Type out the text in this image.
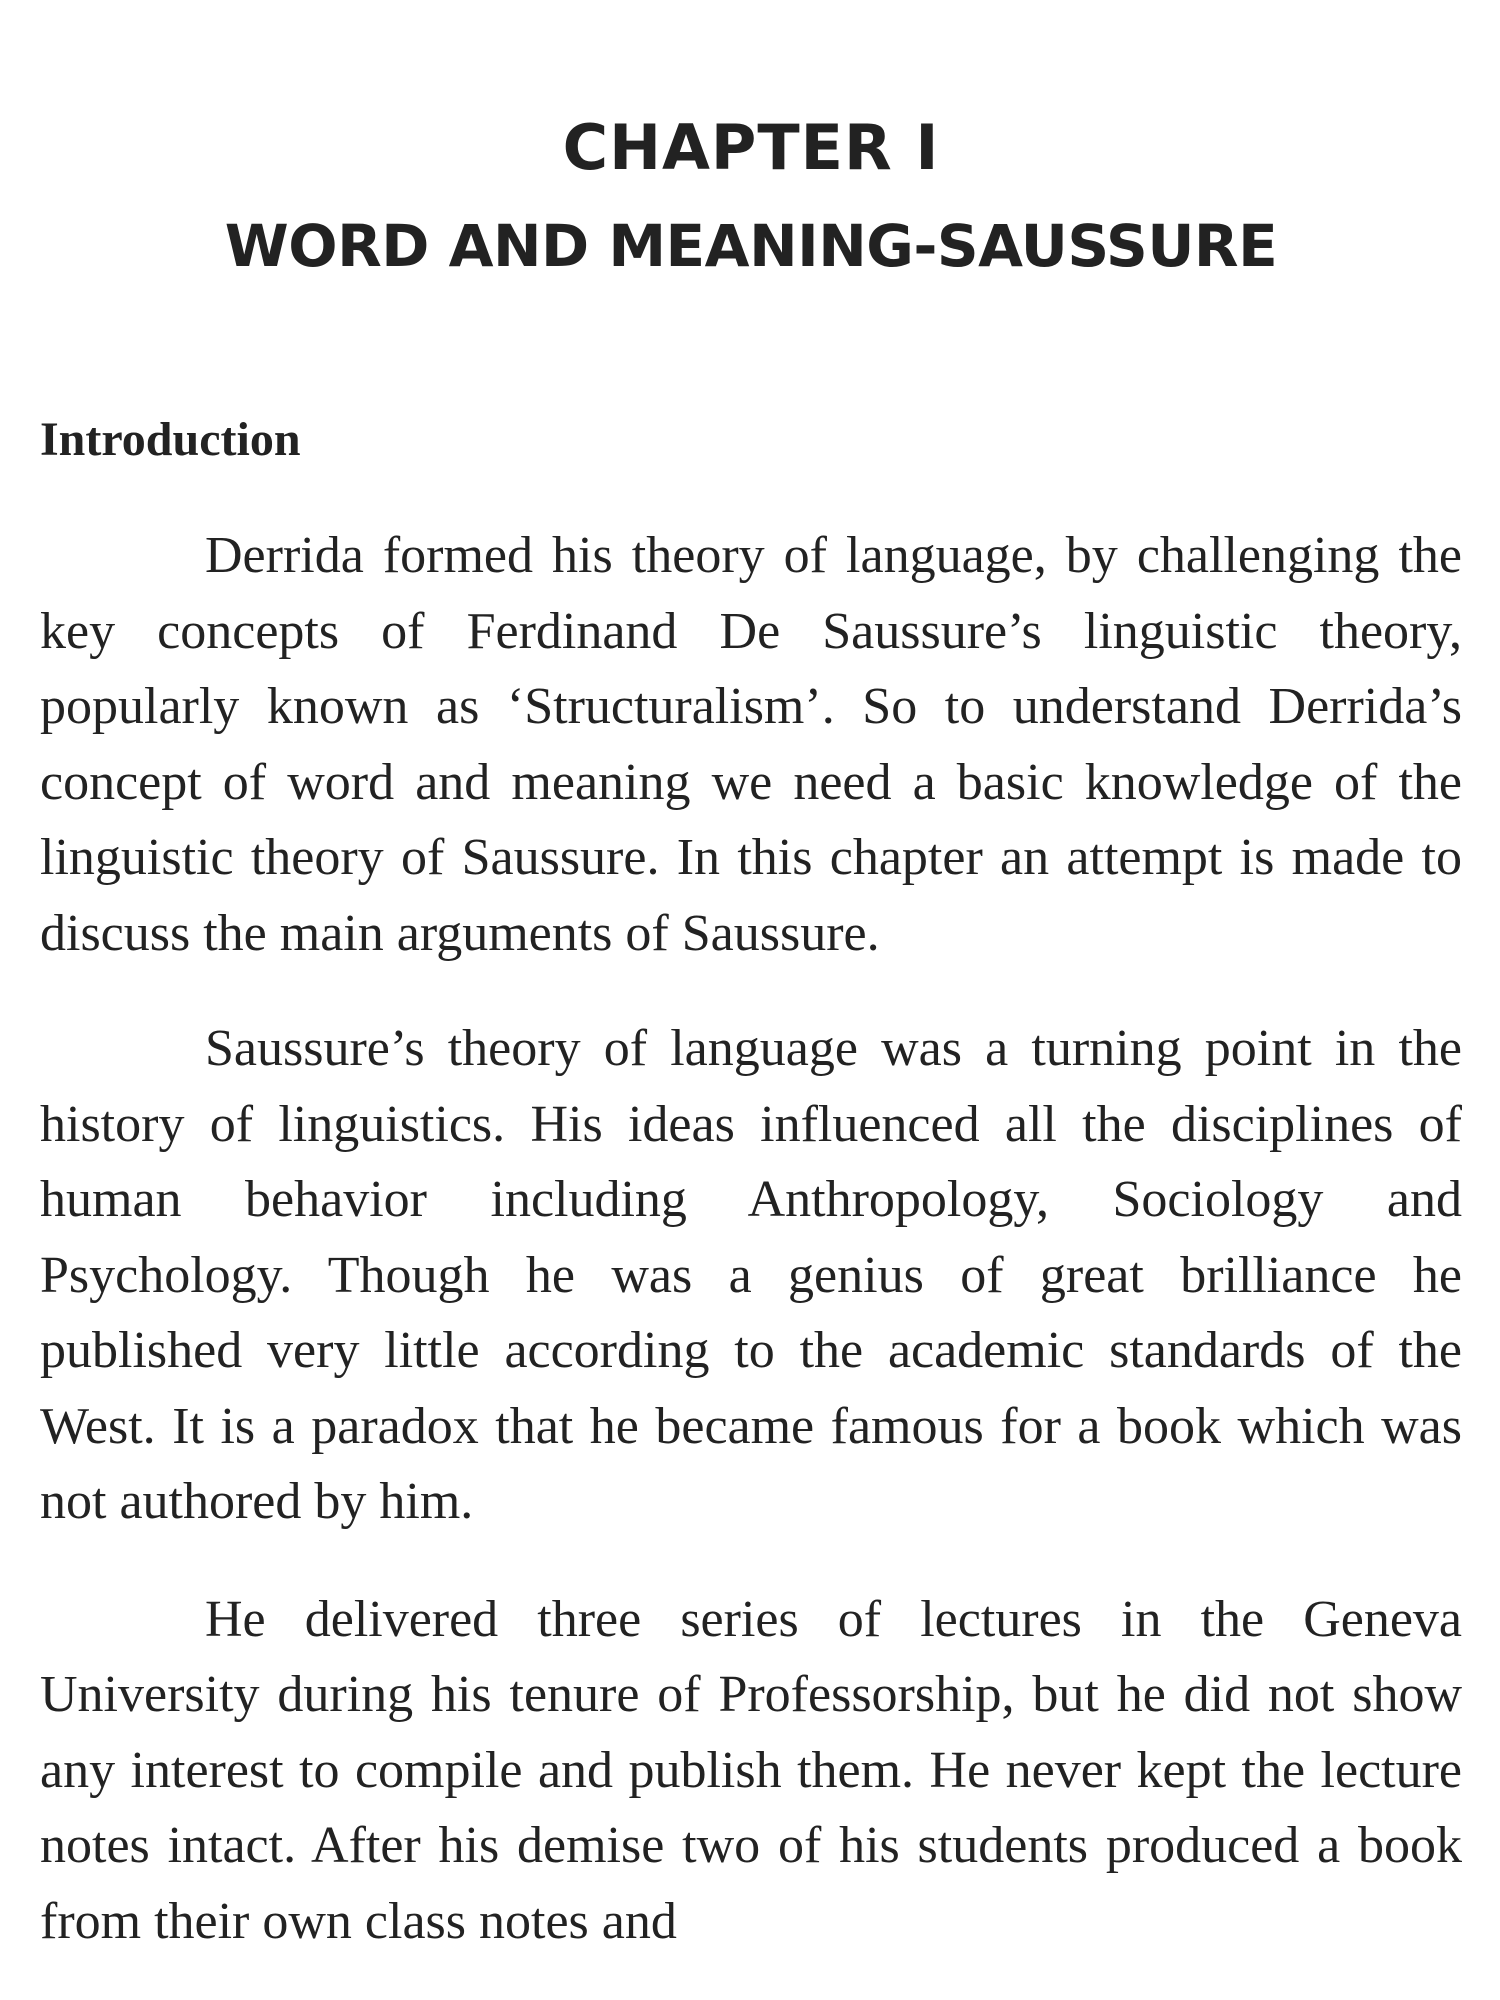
CHAPTER I
WORD AND MEANING-SAUSSURE
Introduction

Derrida formed his theory of language, by challenging the key concepts of Ferdinand De Saussure’s linguistic theory, popularly known as ‘Structuralism’. So to understand Derrida’s concept of word and meaning we need a basic knowledge of the linguistic theory of Saussure. In this chapter an attempt is made to discuss the main arguments of Saussure.

Saussure’s theory of language was a turning point in the history of linguistics. His ideas influenced all the disciplines of human behavior including Anthropology, Sociology and Psychology. Though he was a genius of great brilliance he published very little according to the academic standards of the West. It is a paradox that he became famous for a book which was not authored by him.

He delivered three series of lectures in the Geneva University during his tenure of Professorship, but he did not show any interest to compile and publish them. He never kept the lecture notes intact. After his demise two of his students produced a book from their own class notes and
